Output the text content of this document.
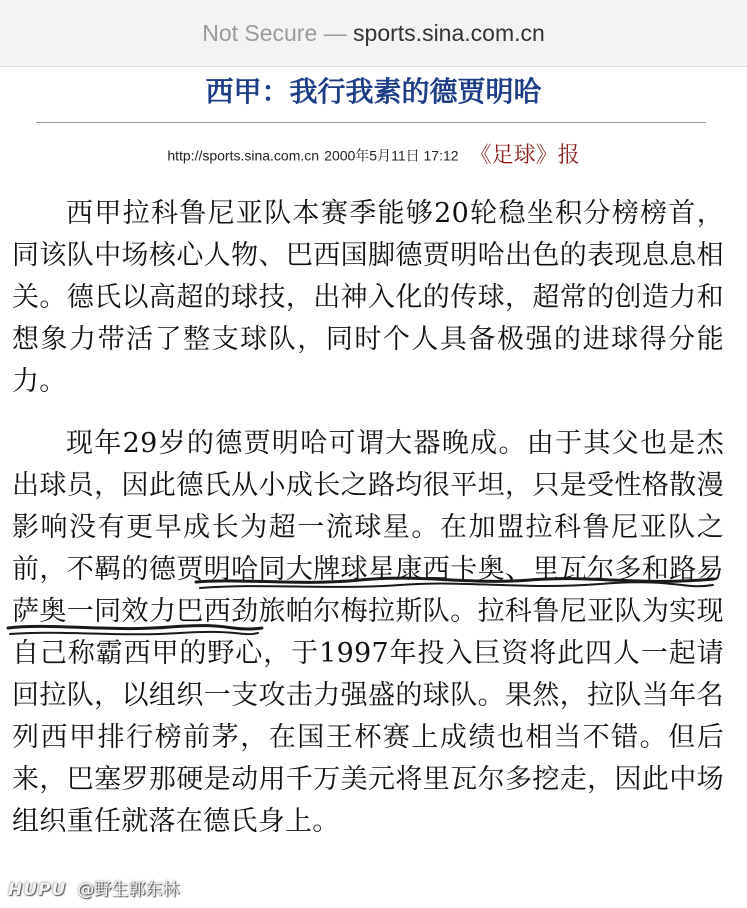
Not Secure — sports.sina.com.cn
西甲：我行我素的德贾明哈
http://sports.sina.com.cn 2000年5月11日 17:12 《足球》报

西甲拉科鲁尼亚队本赛季能够20轮稳坐积分榜榜首，同该队中场核心人物、巴西国脚德贾明哈出色的表现息息相关。德氏以高超的球技，出神入化的传球，超常的创造力和想象力带活了整支球队，同时个人具备极强的进球得分能力。

现年29岁的德贾明哈可谓大器晚成。由于其父也是杰出球员，因此德氏从小成长之路均很平坦，只是受性格散漫影响没有更早成长为超一流球星。在加盟拉科鲁尼亚队之前，不羁的德贾明哈同大牌球星康西卡奥、里瓦尔多和路易萨奥一同效力巴西劲旅帕尔梅拉斯队。拉科鲁尼亚队为实现自己称霸西甲的野心，于1997年投入巨资将此四人一起请回拉队，以组织一支攻击力强盛的球队。果然，拉队当年名列西甲排行榜前茅，在国王杯赛上成绩也相当不错。但后来，巴塞罗那硬是动用千万美元将里瓦尔多挖走，因此中场组织重任就落在德氏身上。

HUPU @野生郭东林
